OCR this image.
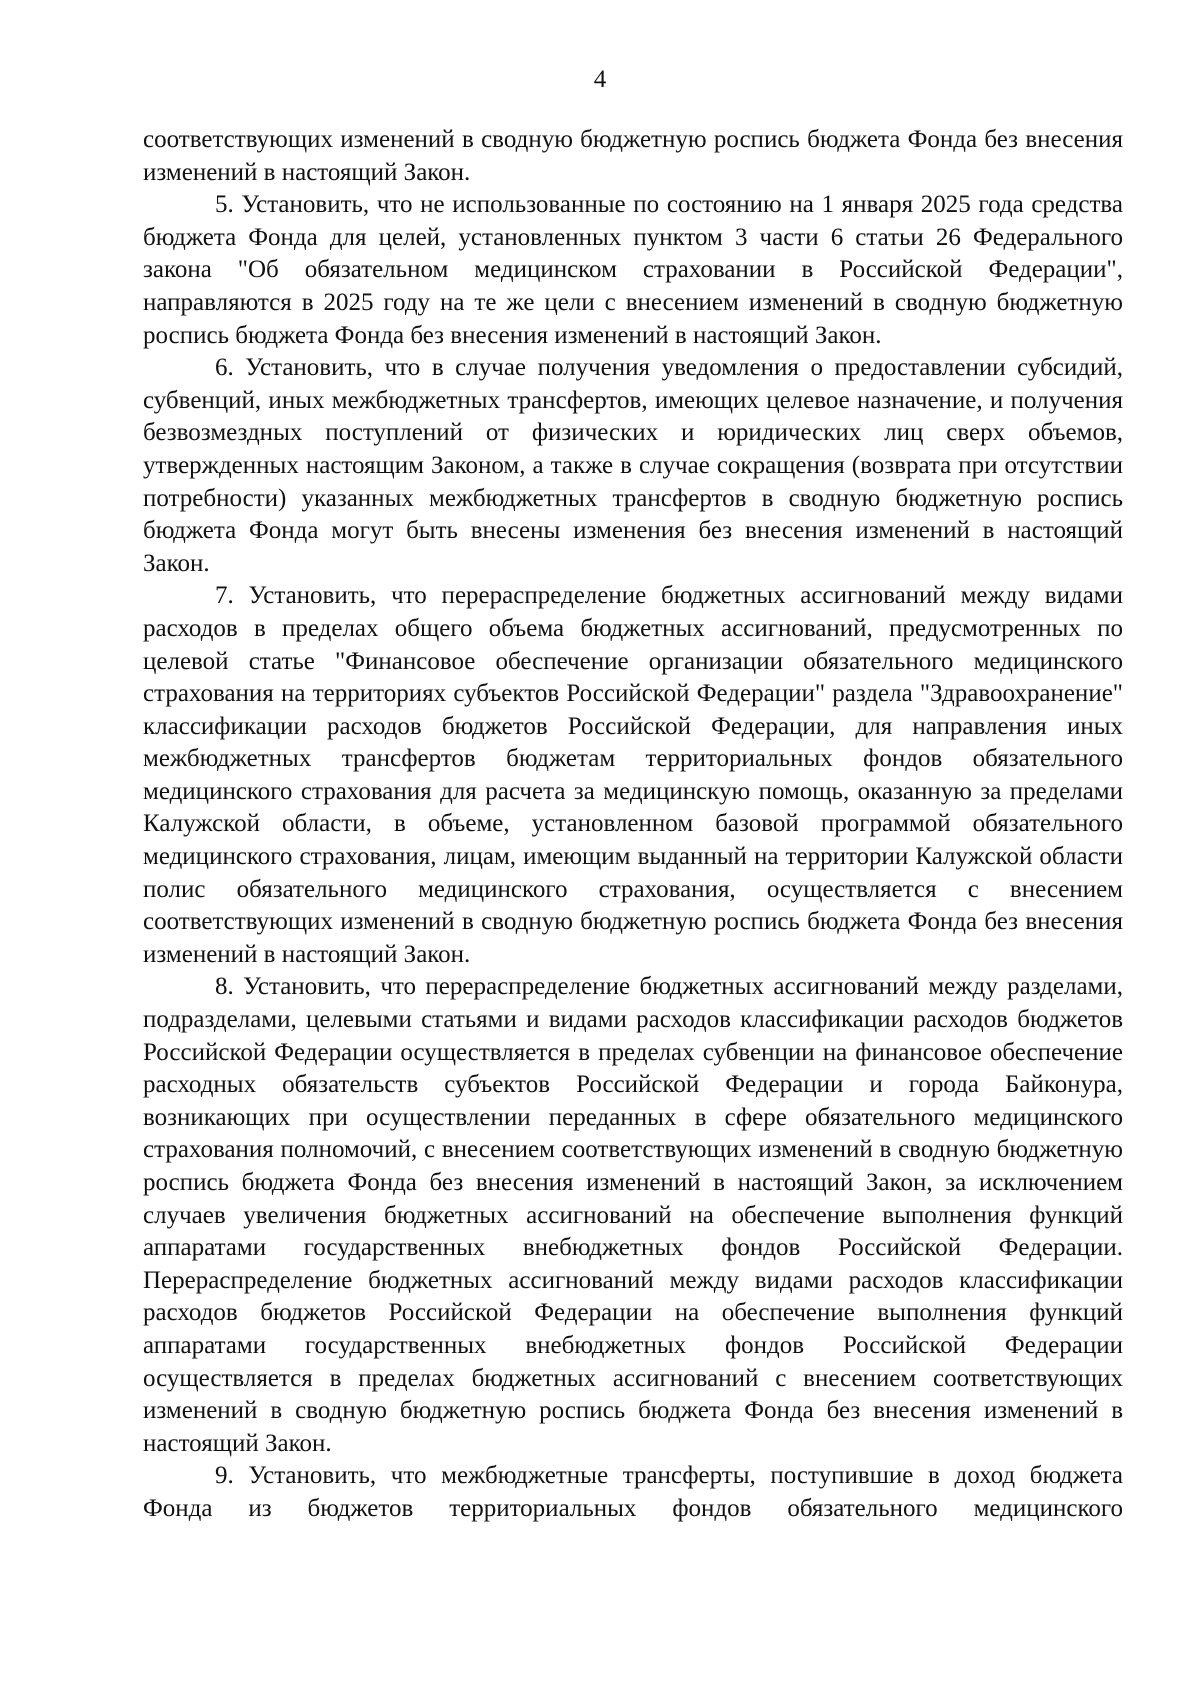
4

соответствующих изменений в сводную бюджетную роспись бюджета Фонда без внесения изменений в настоящий Закон.

5. Установить, что не использованные по состоянию на 1 января 2025 года средства бюджета Фонда для целей, установленных пунктом 3 части 6 статьи 26 Федерального закона "Об обязательном медицинском страховании в Российской Федерации", направляются в 2025 году на те же цели с внесением изменений в сводную бюджетную роспись бюджета Фонда без внесения изменений в настоящий Закон.

6. Установить, что в случае получения уведомления о предоставлении субсидий, субвенций, иных межбюджетных трансфертов, имеющих целевое назначение, и получения безвозмездных поступлений от физических и юридических лиц сверх объемов, утвержденных настоящим Законом, а также в случае сокращения (возврата при отсутствии потребности) указанных межбюджетных трансфертов в сводную бюджетную роспись бюджета Фонда могут быть внесены изменения без внесения изменений в настоящий Закон.

7. Установить, что перераспределение бюджетных ассигнований между видами расходов в пределах общего объема бюджетных ассигнований, предусмотренных по целевой статье "Финансовое обеспечение организации обязательного медицинского страхования на территориях субъектов Российской Федерации" раздела "Здравоохранение" классификации расходов бюджетов Российской Федерации, для направления иных межбюджетных трансфертов бюджетам территориальных фондов обязательного медицинского страхования для расчета за медицинскую помощь, оказанную за пределами Калужской области, в объеме, установленном базовой программой обязательного медицинского страхования, лицам, имеющим выданный на территории Калужской области полис обязательного медицинского страхования, осуществляется с внесением соответствующих изменений в сводную бюджетную роспись бюджета Фонда без внесения изменений в настоящий Закон.

8. Установить, что перераспределение бюджетных ассигнований между разделами, подразделами, целевыми статьями и видами расходов классификации расходов бюджетов Российской Федерации осуществляется в пределах субвенции на финансовое обеспечение расходных обязательств субъектов Российской Федерации и города Байконура, возникающих при осуществлении переданных в сфере обязательного медицинского страхования полномочий, с внесением соответствующих изменений в сводную бюджетную роспись бюджета Фонда без внесения изменений в настоящий Закон, за исключением случаев увеличения бюджетных ассигнований на обеспечение выполнения функций аппаратами государственных внебюджетных фондов Российской Федерации. Перераспределение бюджетных ассигнований между видами расходов классификации расходов бюджетов Российской Федерации на обеспечение выполнения функций аппаратами государственных внебюджетных фондов Российской Федерации осуществляется в пределах бюджетных ассигнований с внесением соответствующих изменений в сводную бюджетную роспись бюджета Фонда без внесения изменений в настоящий Закон.

9. Установить, что межбюджетные трансферты, поступившие в доход бюджета Фонда из бюджетов территориальных фондов обязательного медицинского
